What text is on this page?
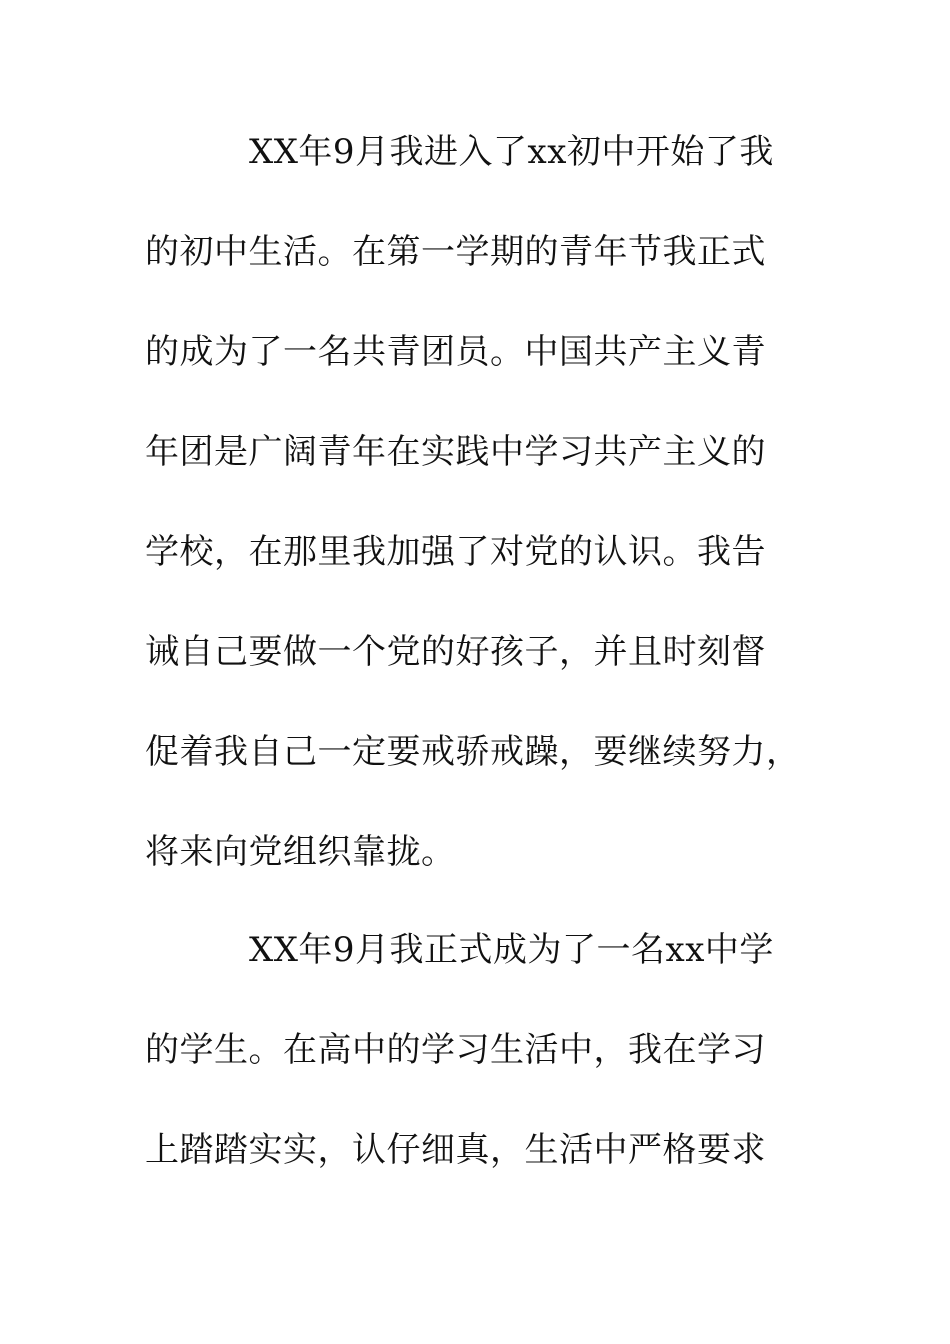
XX年9月我进入了xx初中开始了我
的初中生活。在第一学期的青年节我正式
的成为了一名共青团员。中国共产主义青
年团是广阔青年在实践中学习共产主义的
学校，在那里我加强了对党的认识。我告
诫自己要做一个党的好孩子，并且时刻督
促着我自己一定要戒骄戒躁，要继续努力，
将来向党组织靠拢。
XX年9月我正式成为了一名xx中学
的学生。在高中的学习生活中，我在学习
上踏踏实实，认仔细真，生活中严格要求
